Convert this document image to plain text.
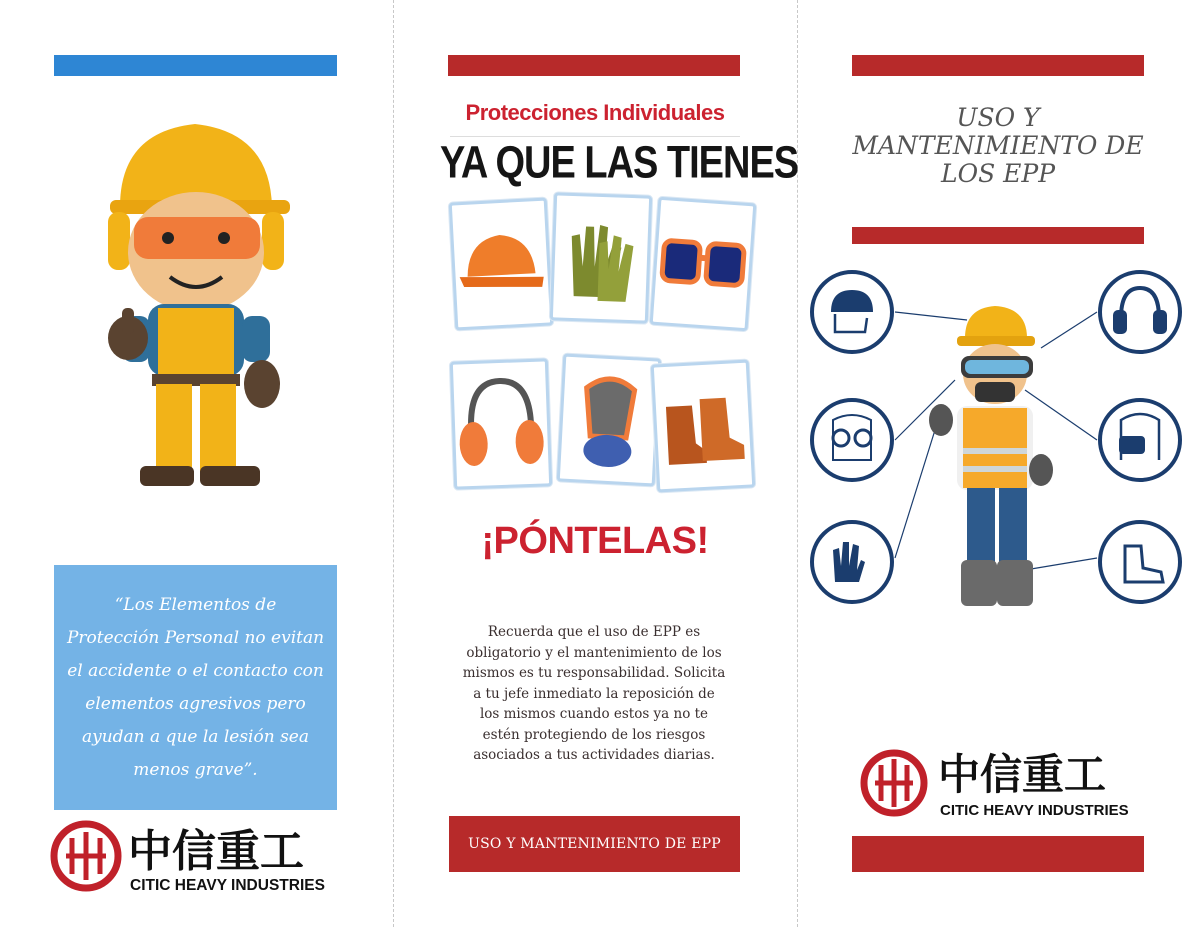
“Los Elementos de Protección Personal no evitan el accidente o el contacto con elementos agresivos pero ayudan a que la lesión sea menos grave”.
中信重工
CITIC HEAVY INDUSTRIES
Protecciones Individuales
YA QUE LAS TIENES
¡PÓNTELAS!
Recuerda que el uso de EPP es obligatorio y el mantenimiento de los mismos es tu responsabilidad. Solicita a tu jefe inmediato la reposición de los mismos cuando estos ya no te estén protegiendo de los riesgos asociados a tus actividades diarias.
USO Y MANTENIMIENTO DE EPP
USO Y MANTENIMIENTO DE LOS EPP
中信重工
CITIC HEAVY INDUSTRIES
